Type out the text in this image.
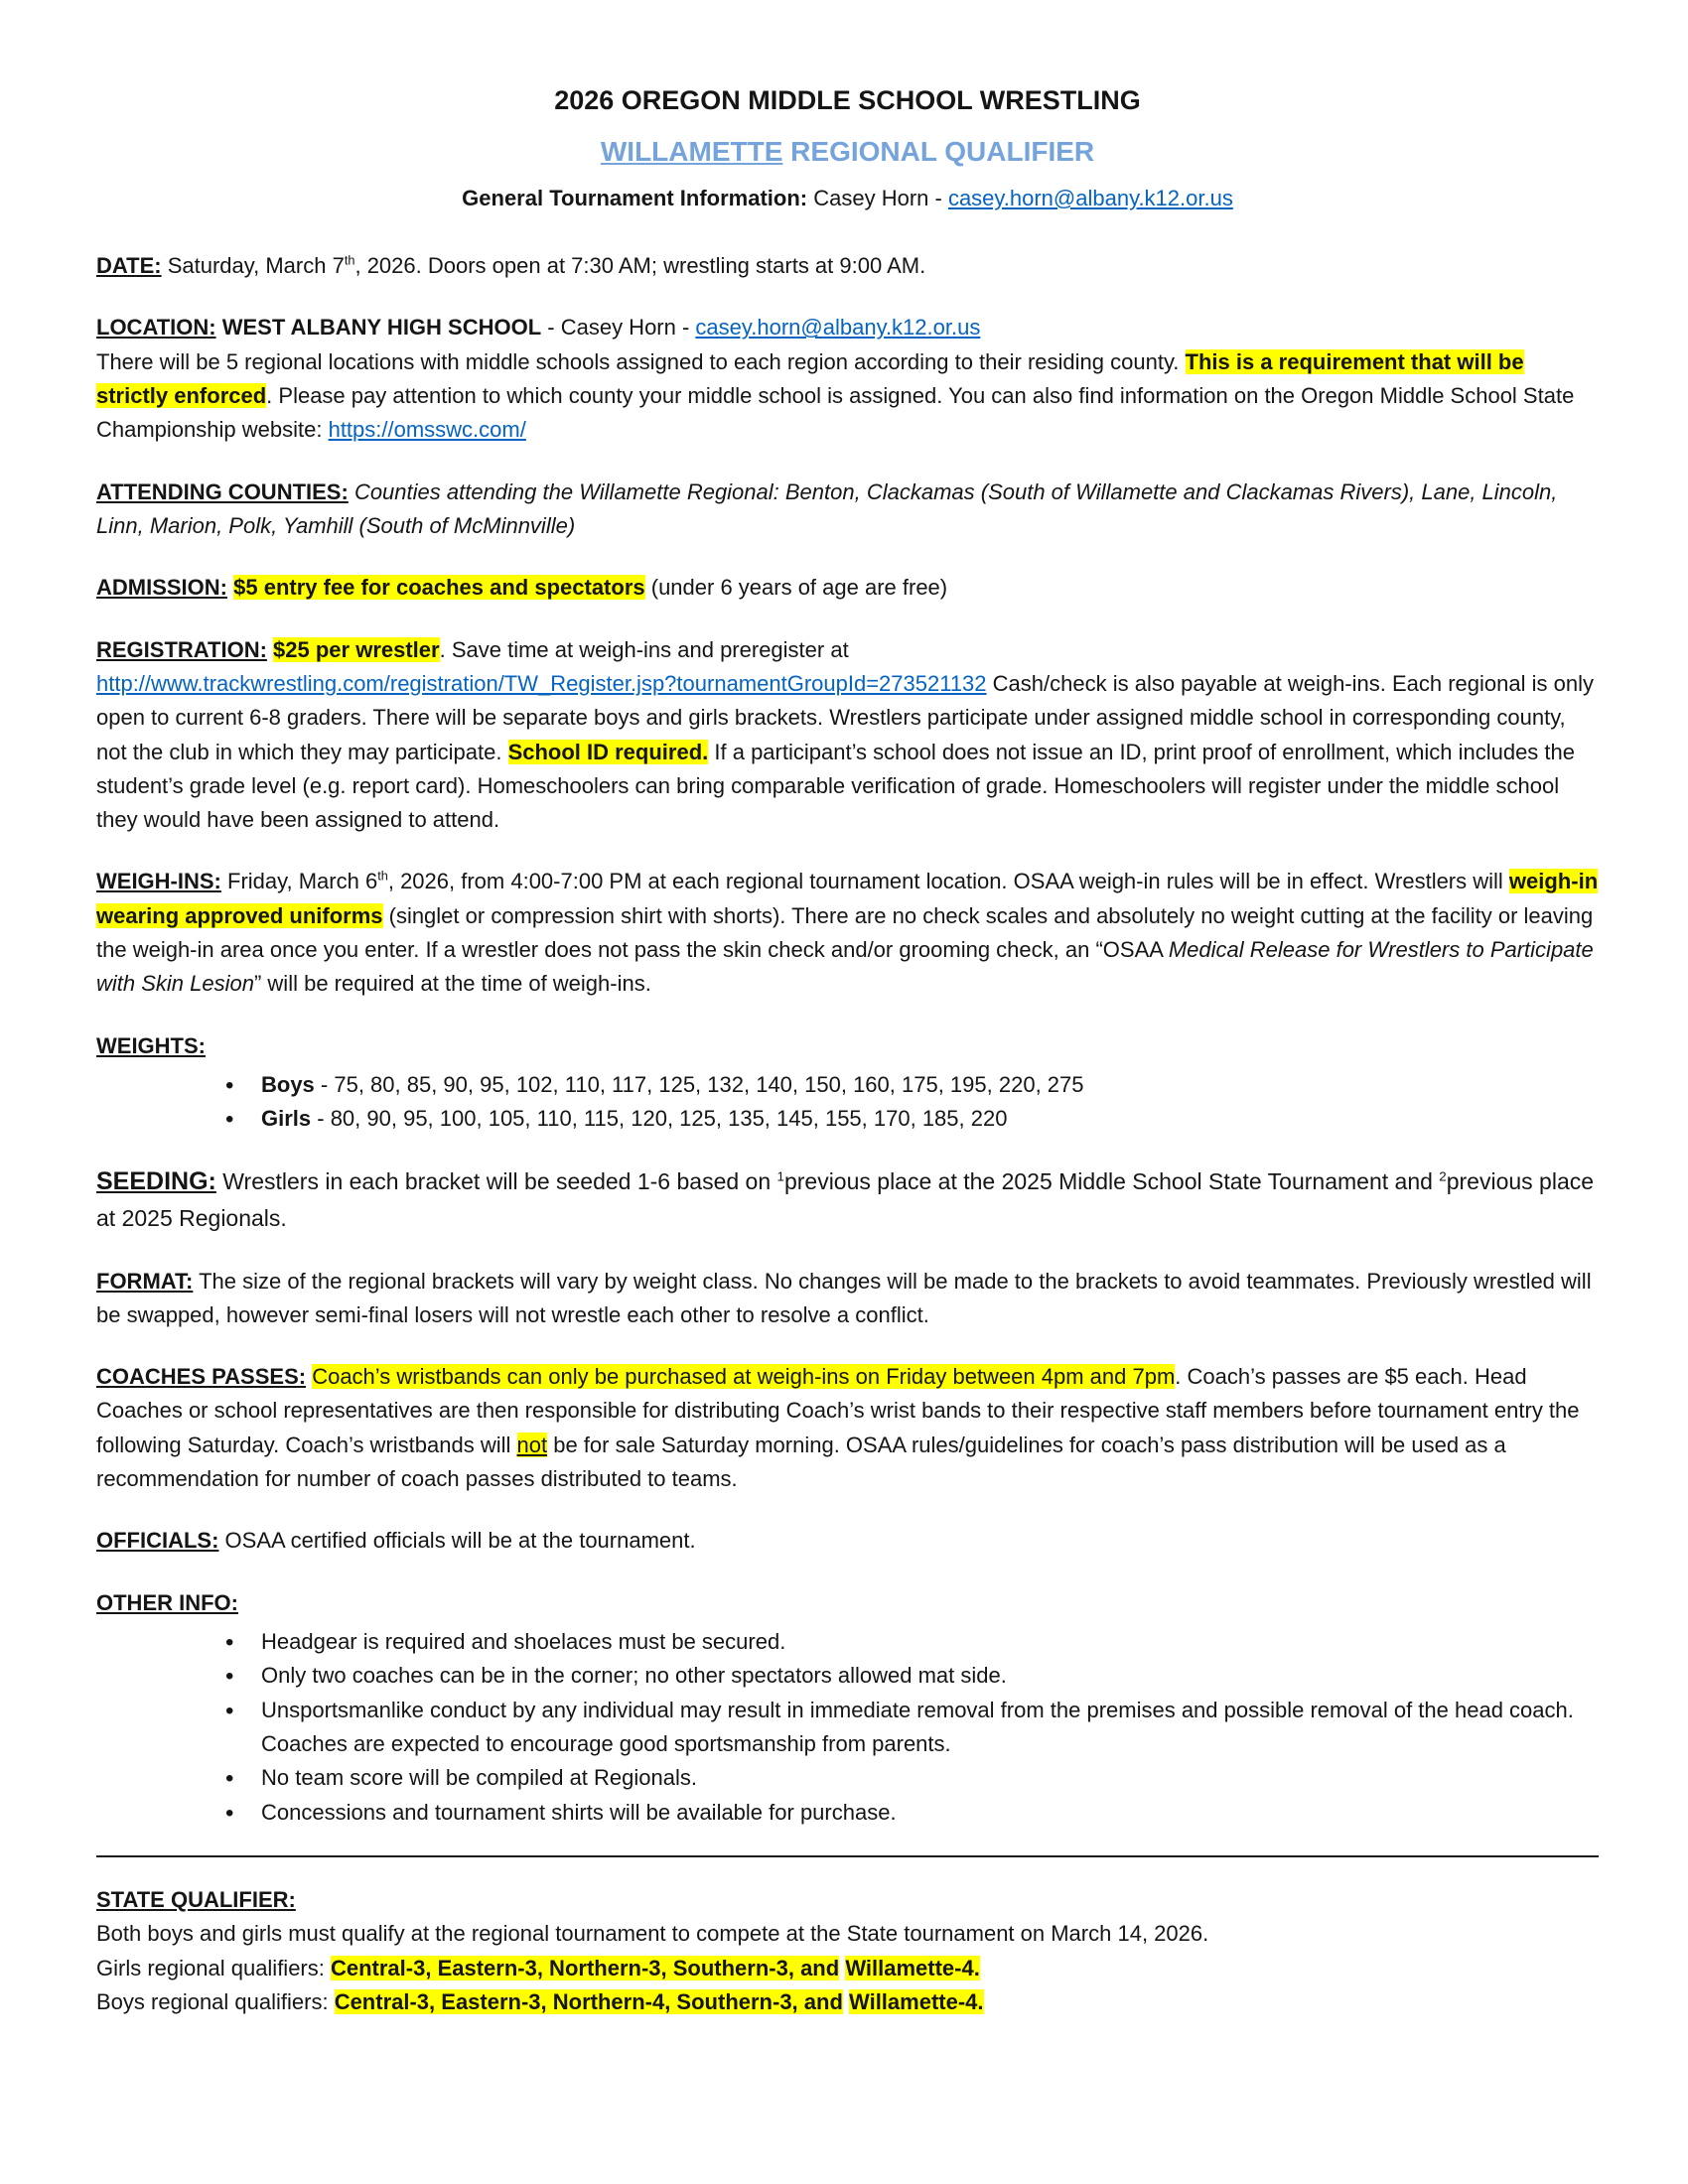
2026 OREGON MIDDLE SCHOOL WRESTLING
WILLAMETTE REGIONAL QUALIFIER
General Tournament Information: Casey Horn - casey.horn@albany.k12.or.us
DATE: Saturday, March 7th, 2026. Doors open at 7:30 AM; wrestling starts at 9:00 AM.
LOCATION: WEST ALBANY HIGH SCHOOL - Casey Horn - casey.horn@albany.k12.or.us
There will be 5 regional locations with middle schools assigned to each region according to their residing county. This is a requirement that will be strictly enforced. Please pay attention to which county your middle school is assigned. You can also find information on the Oregon Middle School State Championship website: https://omsswc.com/
ATTENDING COUNTIES: Counties attending the Willamette Regional: Benton, Clackamas (South of Willamette and Clackamas Rivers), Lane, Lincoln, Linn, Marion, Polk, Yamhill (South of McMinnville)
ADMISSION: $5 entry fee for coaches and spectators (under 6 years of age are free)
REGISTRATION: $25 per wrestler. Save time at weigh-ins and preregister at
http://www.trackwrestling.com/registration/TW_Register.jsp?tournamentGroupId=273521132 Cash/check is also payable at weigh-ins. Each regional is only open to current 6-8 graders. There will be separate boys and girls brackets. Wrestlers participate under assigned middle school in corresponding county, not the club in which they may participate. School ID required. If a participant’s school does not issue an ID, print proof of enrollment, which includes the student’s grade level (e.g. report card). Homeschoolers can bring comparable verification of grade. Homeschoolers will register under the middle school they would have been assigned to attend.
WEIGH-INS: Friday, March 6th, 2026, from 4:00-7:00 PM at each regional tournament location. OSAA weigh-in rules will be in effect. Wrestlers will weigh-in wearing approved uniforms (singlet or compression shirt with shorts). There are no check scales and absolutely no weight cutting at the facility or leaving the weigh-in area once you enter. If a wrestler does not pass the skin check and/or grooming check, an “OSAA Medical Release for Wrestlers to Participate with Skin Lesion” will be required at the time of weigh-ins.
WEIGHTS:
• Boys - 75, 80, 85, 90, 95, 102, 110, 117, 125, 132, 140, 150, 160, 175, 195, 220, 275
• Girls - 80, 90, 95, 100, 105, 110, 115, 120, 125, 135, 145, 155, 170, 185, 220
SEEDING: Wrestlers in each bracket will be seeded 1-6 based on $^1$previous place at the 2025 Middle School State Tournament and $^2$previous place at 2025 Regionals.
FORMAT: The size of the regional brackets will vary by weight class. No changes will be made to the brackets to avoid teammates. Previously wrestled will be swapped, however semi-final losers will not wrestle each other to resolve a conflict.
COACHES PASSES: Coach’s wristbands can only be purchased at weigh-ins on Friday between 4pm and 7pm. Coach’s passes are $5 each. Head Coaches or school representatives are then responsible for distributing Coach’s wrist bands to their respective staff members before tournament entry the following Saturday. Coach’s wristbands will not be for sale Saturday morning. OSAA rules/guidelines for coach’s pass distribution will be used as a recommendation for number of coach passes distributed to teams.
OFFICIALS: OSAA certified officials will be at the tournament.
OTHER INFO:
• Headgear is required and shoelaces must be secured.
• Only two coaches can be in the corner; no other spectators allowed mat side.
• Unsportsmanlike conduct by any individual may result in immediate removal from the premises and possible removal of the head coach. Coaches are expected to encourage good sportsmanship from parents.
• No team score will be compiled at Regionals.
• Concessions and tournament shirts will be available for purchase.
STATE QUALIFIER:
Both boys and girls must qualify at the regional tournament to compete at the State tournament on March 14, 2026.
Girls regional qualifiers: Central-3, Eastern-3, Northern-3, Southern-3, and Willamette-4.
Boys regional qualifiers: Central-3, Eastern-3, Northern-4, Southern-3, and Willamette-4.
